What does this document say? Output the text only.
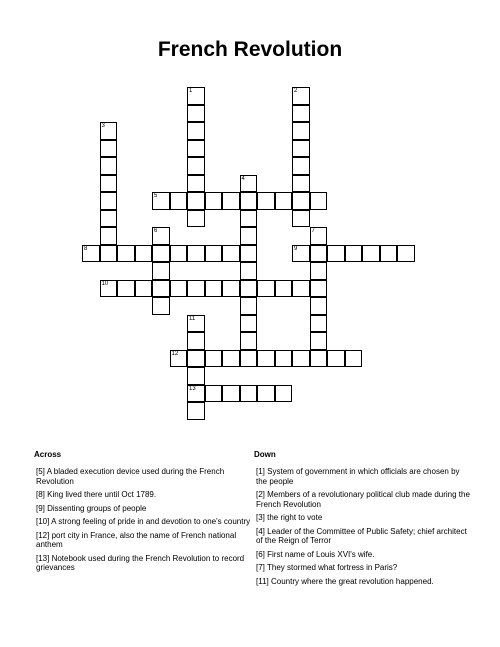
French Revolution
1	2
3
4
5
6	7
8	9
10
11
13
12
Across	Down
[5] A bladed execution device used during the French Revolution
[8] King lived there until Oct 1789.
[9] Dissenting groups of people
[10] A strong feeling of pride in and devotion to one's country
[12] port city in France, also the name of French national anthem
[13] Notebook used during the French Revolution to record grievances
[1] System of government in which officials are chosen by the people
[2] Members of a revolutionary political club made during the French Revolution
[3] the right to vote
[4] Leader of the Committee of Public Safety; chief architect of the Reign of Terror
[6] First name of Louis XVI's wife.
[7] They stormed what fortress in Paris?
[11] Country where the great revolution happened.
